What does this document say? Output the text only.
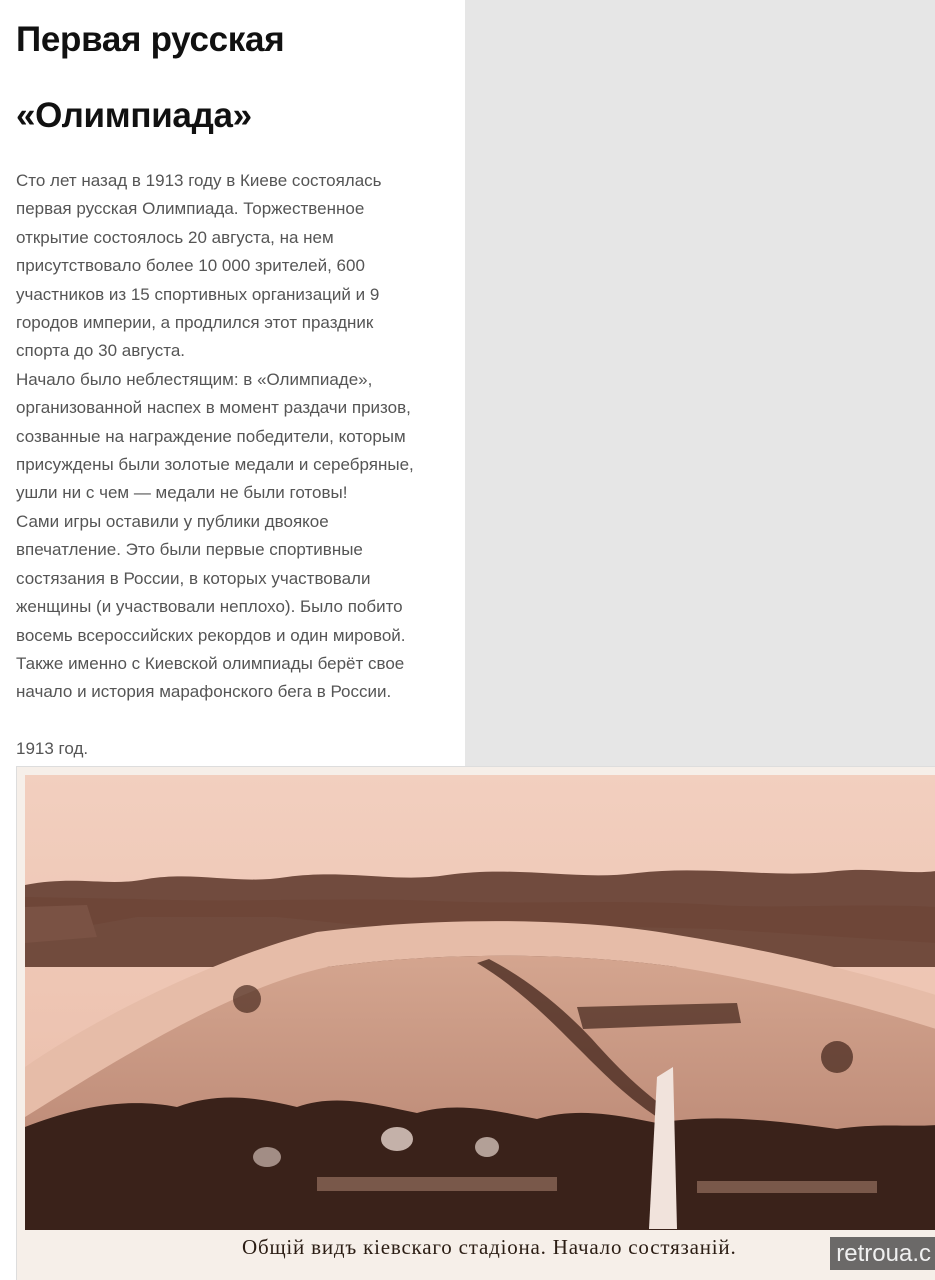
Первая русская
«Олимпиада»

Сто лет назад в 1913 году в Киеве состоялась
первая русская Олимпиада. Торжественное
открытие состоялось 20 августа, на нем
присутствовало более 10 000 зрителей, 600
участников из 15 спортивных организаций и 9
городов империи, а продлился этот праздник
спорта до 30 августа.

Начало было неблестящим: в «Олимпиаде»,
организованной наспех в момент раздачи призов,
созванные на награждение победители, которым
присуждены были золотые медали и серебряные,
ушли ни с чем — медали не были готовы!

Сами игры оставили у публики двоякое
впечатление. Это были первые спортивные
состязания в России, в которых участвовали
женщины (и участвовали неплохо). Было побито
восемь всероссийских рекордов и один мировой.
Также именно с Киевской олимпиады берёт свое
начало и история марафонского бега в России.

1913 год.
Общій видъ кіевскаго стадіона. Начало состязаній.	retroua.c
